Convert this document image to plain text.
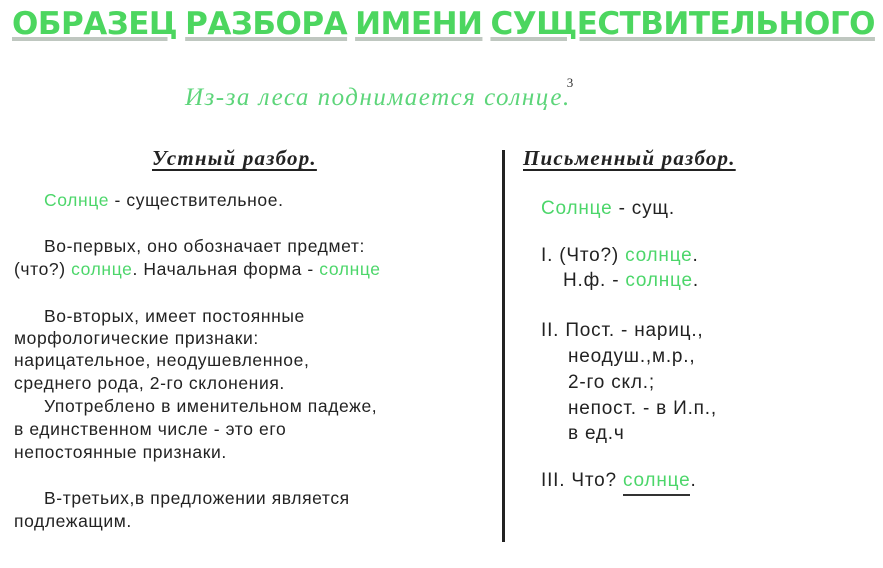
ОБРАЗЕЦ РАЗБОРА ИМЕНИ СУЩЕСТВИТЕЛЬНОГО
Из-за леса поднимается солнце.
3
Устный разбор.	Письменный разбор.
Солнце - существительное.
Во-первых, оно обозначает предмет:
(что?) солнце. Начальная форма - солнце
Во-вторых, имеет постоянные
морфологические признаки:
нарицательное, неодушевленное,
среднего рода, 2-го склонения.
Употреблено в именительном падеже,
в единственном числе - это его
непостоянные признаки.
В-третьих,в предложении является
подлежащим.
Солнце - сущ.
I. (Что?) солнце.
Н.ф. - солнце.
II. Пост. - нариц.,
неодуш.,м.р.,
2-го скл.;
непост. - в И.п.,
в ед.ч
III. Что? солнце.
